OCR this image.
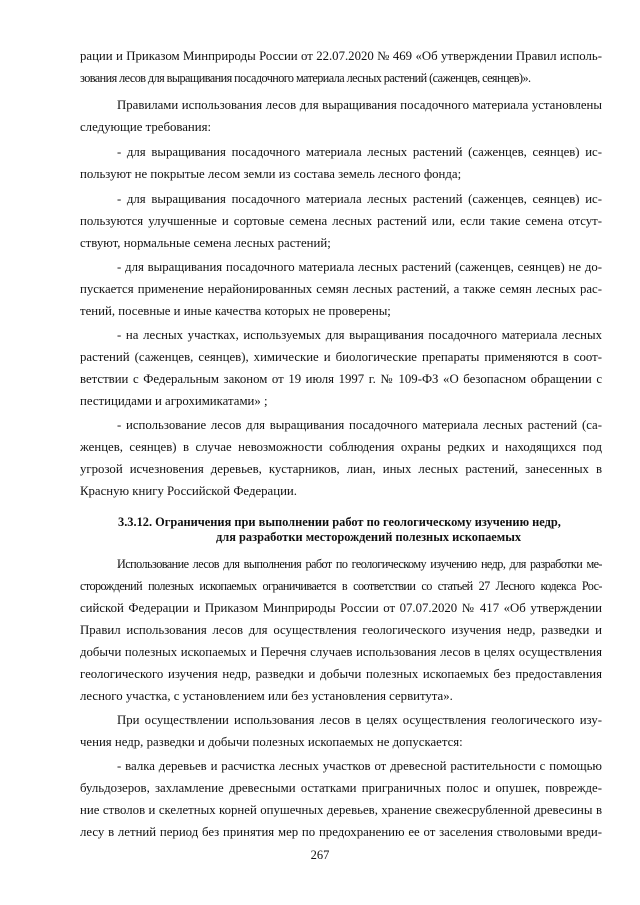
рации и Приказом Минприроды России от 22.07.2020 № 469 «Об утверждении Правил исполь-
зования лесов для выращивания посадочного материала лесных растений (саженцев, сеянцев)».
Правилами использования лесов для выращивания посадочного материала установлены
следующие требования:
- для выращивания посадочного материала лесных растений (саженцев, сеянцев) ис-
пользуют не покрытые лесом земли из состава земель лесного фонда;
- для выращивания посадочного материала лесных растений (саженцев, сеянцев) ис-
пользуются улучшенные и сортовые семена лесных растений или, если такие семена отсут-
ствуют, нормальные семена лесных растений;
- для выращивания посадочного материала лесных растений (саженцев, сеянцев) не до-
пускается применение нерайонированных семян лесных растений, а также семян лесных рас-
тений, посевные и иные качества которых не проверены;
- на лесных участках, используемых для выращивания посадочного материала лесных
растений (саженцев, сеянцев), химические и биологические препараты применяются в соот-
ветствии с Федеральным законом от 19 июля 1997 г. № 109-ФЗ «О безопасном обращении с
пестицидами и агрохимикатами» ;
- использование лесов для выращивания посадочного материала лесных растений (са-
женцев, сеянцев) в случае невозможности соблюдения охраны редких и находящихся под
угрозой исчезновения деревьев, кустарников, лиан, иных лесных растений, занесенных в
Красную книгу Российской Федерации.
3.3.12. Ограничения при выполнении работ по геологическому изучению недр,
для разработки месторождений полезных ископаемых
Использование лесов для выполнения работ по геологическому изучению недр, для разработки ме-
сторождений полезных ископаемых ограничивается в соответствии со статьей 27 Лесного кодекса Рос-
сийской Федерации и Приказом Минприроды России от 07.07.2020 № 417 «Об утверждении
Правил использования лесов для осуществления геологического изучения недр, разведки и
добычи полезных ископаемых и Перечня случаев использования лесов в целях осуществления
геологического изучения недр, разведки и добычи полезных ископаемых без предоставления
лесного участка, с установлением или без установления сервитута».
При осуществлении использования лесов в целях осуществления геологического изу-
чения недр, разведки и добычи полезных ископаемых не допускается:
- валка деревьев и расчистка лесных участков от древесной растительности с помощью
бульдозеров, захламление древесными остатками приграничных полос и опушек, поврежде-
ние стволов и скелетных корней опушечных деревьев, хранение свежесрубленной древесины в
лесу в летний период без принятия мер по предохранению ее от заселения стволовыми вреди-
267
